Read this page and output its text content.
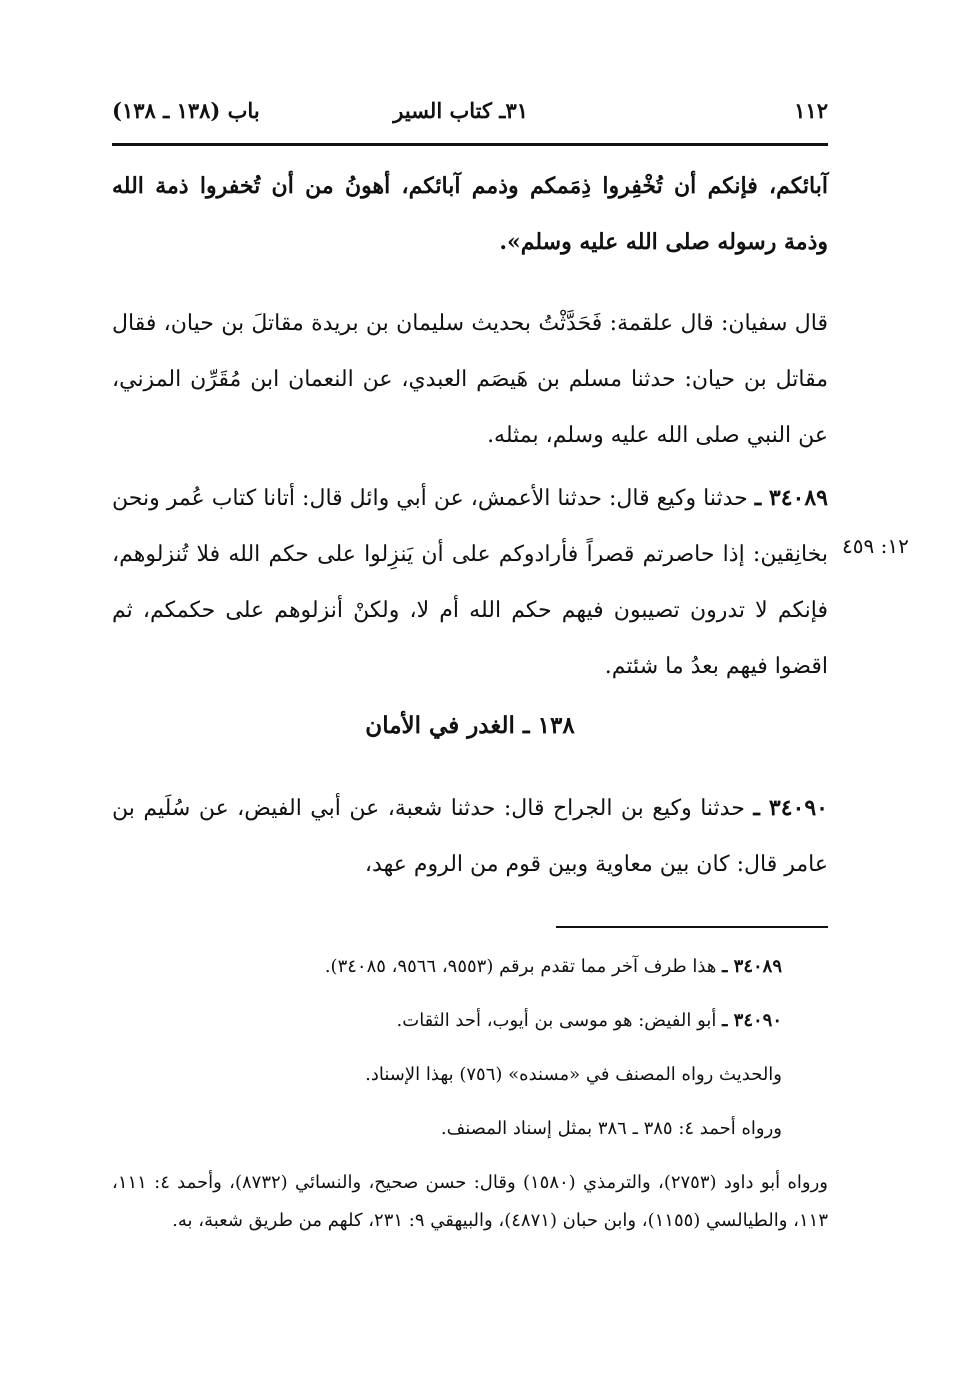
١١٢
٣١ـ كتاب السير
باب (١٣٨ ـ ١٣٨)

آبائكم، فإنكم أن تُخْفِروا ذِمَمكم وذمم آبائكم، أهونُ من أن تُخفروا ذمة الله وذمة رسوله صلى الله عليه وسلم».

قال سفيان: قال علقمة: فَحَدَّثْتُ بحديث سليمان بن بريدة مقاتلَ بن حيان، فقال مقاتل بن حيان: حدثنا مسلم بن هَيصَم العبدي، عن النعمان ابن مُقَرِّن المزني، عن النبي صلى الله عليه وسلم، بمثله.

٣٤٠٨٩ ـ حدثنا وكيع قال: حدثنا الأعمش، عن أبي وائل قال: أتانا كتاب عُمر ونحن بخانِقين: إذا حاصرتم قصراً فأرادوكم على أن يَنزِلوا على حكم الله فلا تُنزلوهم، فإنكم لا تدرون تصيبون فيهم حكم الله أم لا، ولكنْ أنزلوهم على حكمكم، ثم اقضوا فيهم بعدُ ما شئتم.

١٢: ٤٥٩
١٣٨ ـ الغدر في الأمان

٣٤٠٩٠ ـ حدثنا وكيع بن الجراح قال: حدثنا شعبة، عن أبي الفيض، عن سُلَيم بن عامر قال: كان بين معاوية وبين قوم من الروم عهد،

٣٤٠٨٩ ـ هذا طرف آخر مما تقدم برقم (٩٥٥٣، ٩٥٦٦، ٣٤٠٨٥).

٣٤٠٩٠ ـ أبو الفيض: هو موسى بن أيوب، أحد الثقات.

والحديث رواه المصنف في «مسنده» (٧٥٦) بهذا الإسناد.

ورواه أحمد ٤: ٣٨٥ ـ ٣٨٦ بمثل إسناد المصنف.

ورواه أبو داود (٢٧٥٣)، والترمذي (١٥٨٠) وقال: حسن صحيح، والنسائي (٨٧٣٢)، وأحمد ٤: ١١١، ١١٣، والطيالسي (١١٥٥)، وابن حبان (٤٨٧١)، والبيهقي ٩: ٢٣١، كلهم من طريق شعبة، به.
